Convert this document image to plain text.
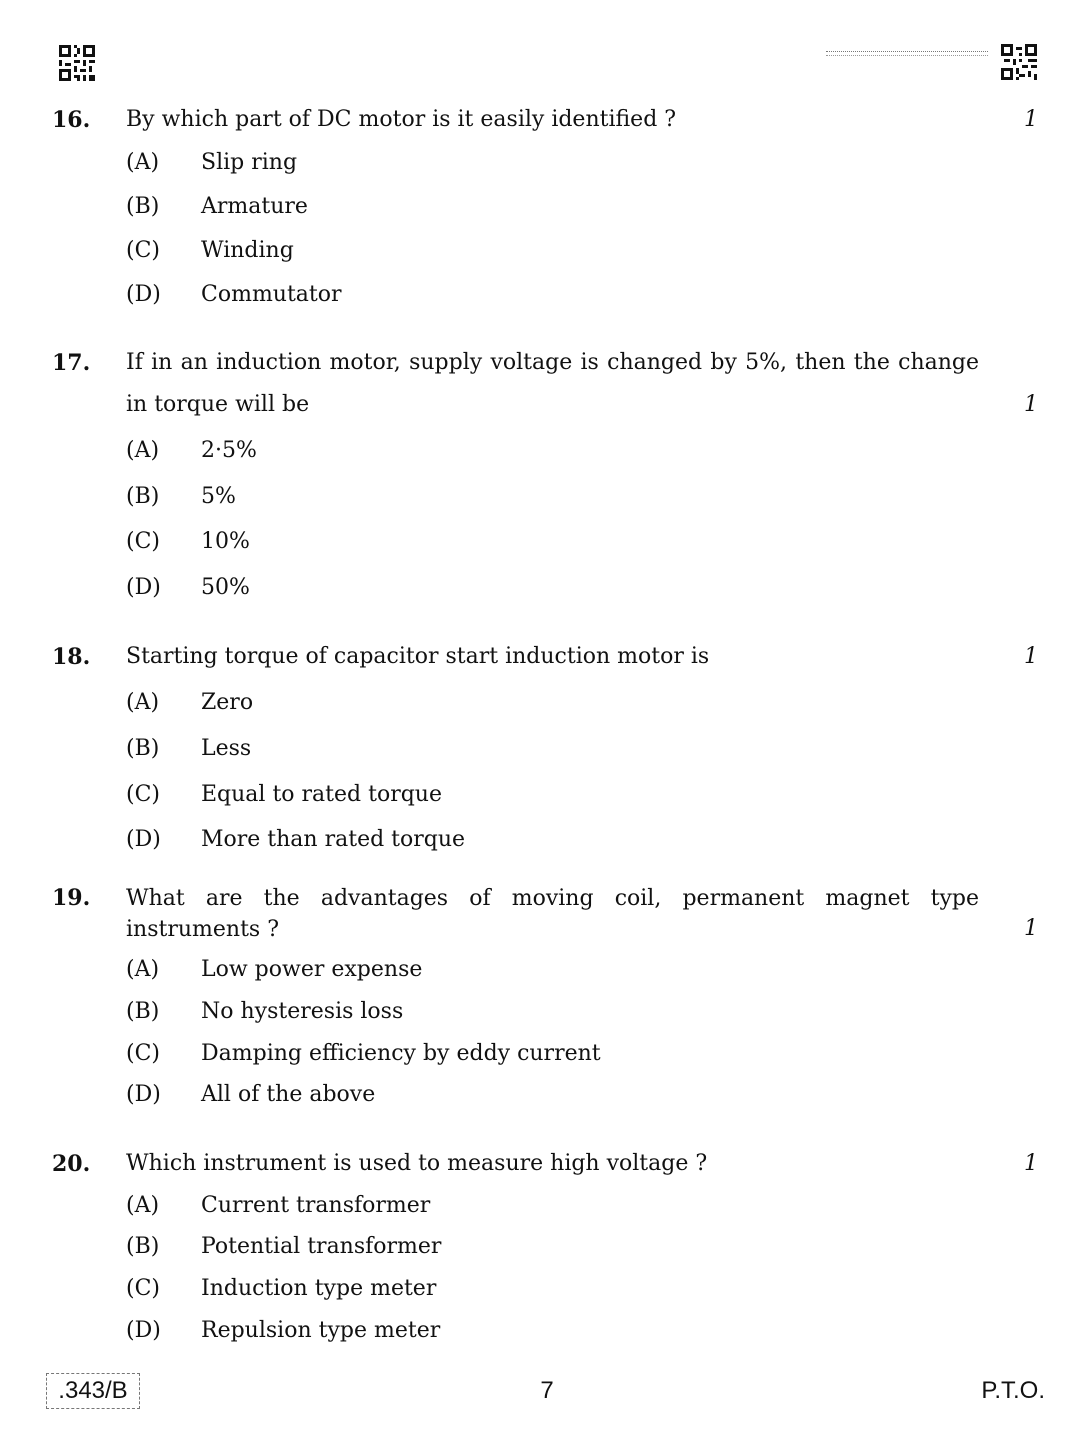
16. By which part of DC motor is it easily identified ?	1
(A) Slip ring
(B) Armature
(C) Winding
(D) Commutator
17. If in an induction motor, supply voltage is changed by 5%, then the change in torque will be	1
(A) 2·5%
(B) 5%
(C) 10%
(D) 50%
18. Starting torque of capacitor start induction motor is	1
(A) Zero
(B) Less
(C) Equal to rated torque
(D) More than rated torque
19. What are the advantages of moving coil, permanent magnet type instruments ?	1
(A) Low power expense
(B) No hysteresis loss
(C) Damping efficiency by eddy current
(D) All of the above
20. Which instrument is used to measure high voltage ?	1
(A) Current transformer
(B) Potential transformer
(C) Induction type meter
(D) Repulsion type meter
.343/B	7	P.T.O.
